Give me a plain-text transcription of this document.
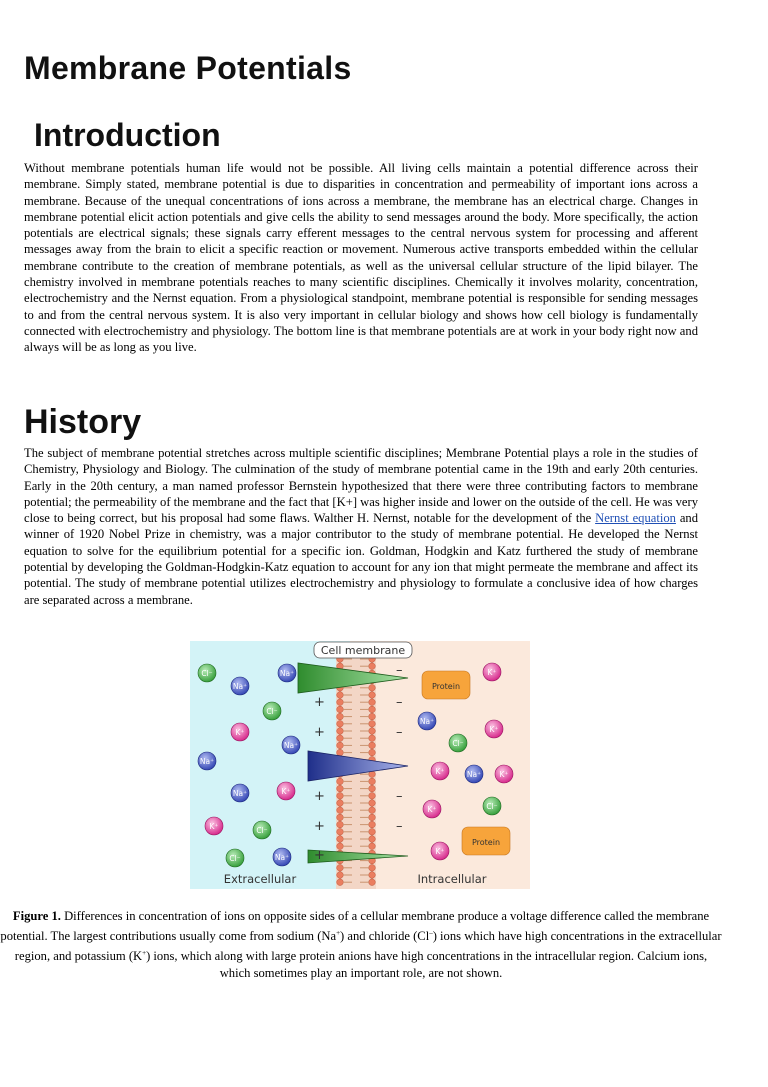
Membrane Potentials
Introduction

Without membrane potentials human life would not be possible. All living cells maintain a potential difference across their membrane. Simply stated, membrane potential is due to disparities in concentration and permeability of important ions across a membrane. Because of the unequal concentrations of ions across a membrane, the membrane has an electrical charge. Changes in membrane potential elicit action potentials and give cells the ability to send messages around the body. More specifically, the action potentials are electrical signals; these signals carry efferent messages to the central nervous system for processing and afferent messages away from the brain to elicit a specific reaction or movement. Numerous active transports embedded within the cellular membrane contribute to the creation of membrane potentials, as well as the universal cellular structure of the lipid bilayer. The chemistry involved in membrane potentials reaches to many scientific disciplines. Chemically it involves molarity, concentration, electrochemistry and the Nernst equation. From a physiological standpoint, membrane potential is responsible for sending messages to and from the central nervous system. It is also very important in cellular biology and shows how cell biology is fundamentally connected with electrochemistry and physiology. The bottom line is that membrane potentials are at work in your body right now and always will be as long as you live.

History

The subject of membrane potential stretches across multiple scientific disciplines; Membrane Potential plays a role in the studies of Chemistry, Physiology and Biology. The culmination of the study of membrane potential came in the 19th and early 20th centuries. Early in the 20th century, a man named professor Bernstein hypothesized that there were three contributing factors to membrane potential; the permeability of the membrane and the fact that [K+] was higher inside and lower on the outside of the cell. He was very close to being correct, but his proposal had some flaws. Walther H. Nernst, notable for the development of the Nernst equation and winner of 1920 Nobel Prize in chemistry, was a major contributor to the study of membrane potential. He developed the Nernst equation to solve for the equilibrium potential for a specific ion. Goldman, Hodgkin and Katz furthered the study of membrane potential by developing the Goldman-Hodgkin-Katz equation to account for any ion that might permeate the membrane and affect its potential. The study of membrane potential utilizes electrochemistry and physiology to formulate a conclusive idea of how charges are separated across a membrane.

+
+
+
+
+
–
–
–
–
–
Cl⁻
Na⁺
Na⁺
Cl⁻
K⁺
Na⁺
Na⁺
Na⁺	K⁺
K⁺	Cl⁻
Cl⁻	Na⁺
K⁺
Na⁺
K⁺
Cl⁻
K⁺	Na⁺ K⁺
Cl⁻
K⁺
K⁺
Protein
Protein
Cell membrane
Extracellular	Intracellular

Figure 1. Differences in concentration of ions on opposite sides of a cellular membrane produce a voltage difference called the membrane potential. The largest contributions usually come from sodium (Na+) and chloride (Cl–) ions which have high concentrations in the extracellular region, and potassium (K+) ions, which along with large protein anions have high concentrations in the intracellular region. Calcium ions, which sometimes play an important role, are not shown.
